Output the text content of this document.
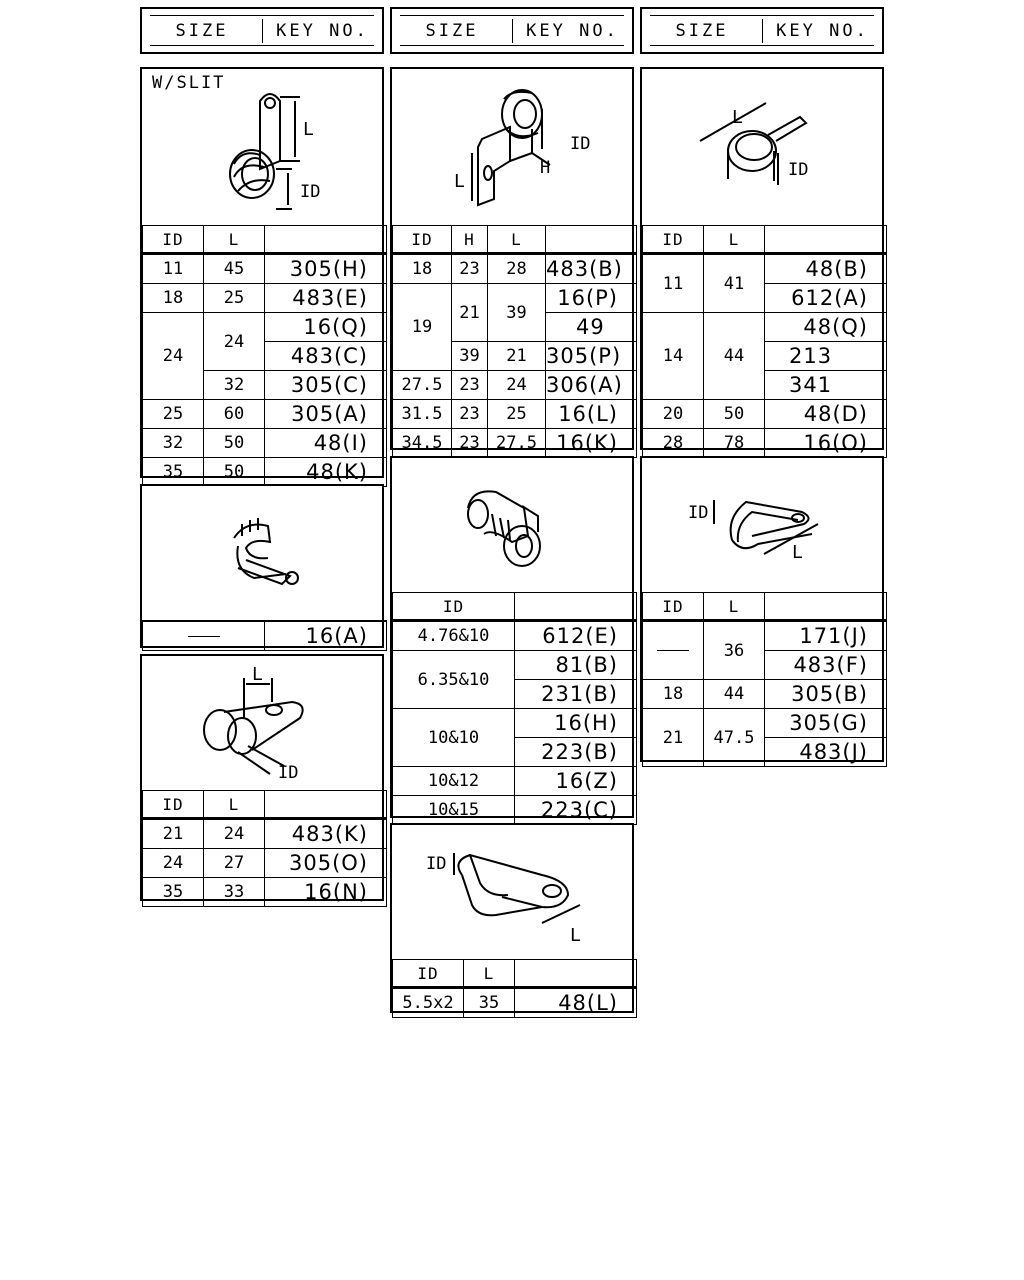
SIZE	KEY NO.	SIZE	KEY NO.	SIZE	KEY NO.
W/SLIT
L
ID
ID	L	
11	45	305(H)
18	25	483(E)
24	24	16(Q)
		483(C)
	32	305(C)
25	60	305(A)
32	50	48(I)
35	50	48(K)
ID
H
L
ID	H	L	
18	23	28	483(B)
19	21	39	16(P)
			49
	39	21	305(P)
27.5	23	24	306(A)
31.5	23	25	16(L)
34.5	23	27.5	16(K)
L
ID
ID	L	
11	41	48(B)
		612(A)
14	44	48(Q)
		213
		341
20	50	48(D)
28	78	16(O)
	16(A)
L
ID
ID	L	
21	24	483(K)
24	27	305(O)
35	33	16(N)
ID	
4.76&10	612(E)
6.35&10	81(B)
	231(B)
10&10	16(H)
	223(B)
10&12	16(Z)
10&15	223(C)
ID
L
ID	L	
	36	171(J)
		483(F)
18	44	305(B)
21	47.5	305(G)
		483(J)
ID
L
ID	L	
5.5x2	35	48(L)
